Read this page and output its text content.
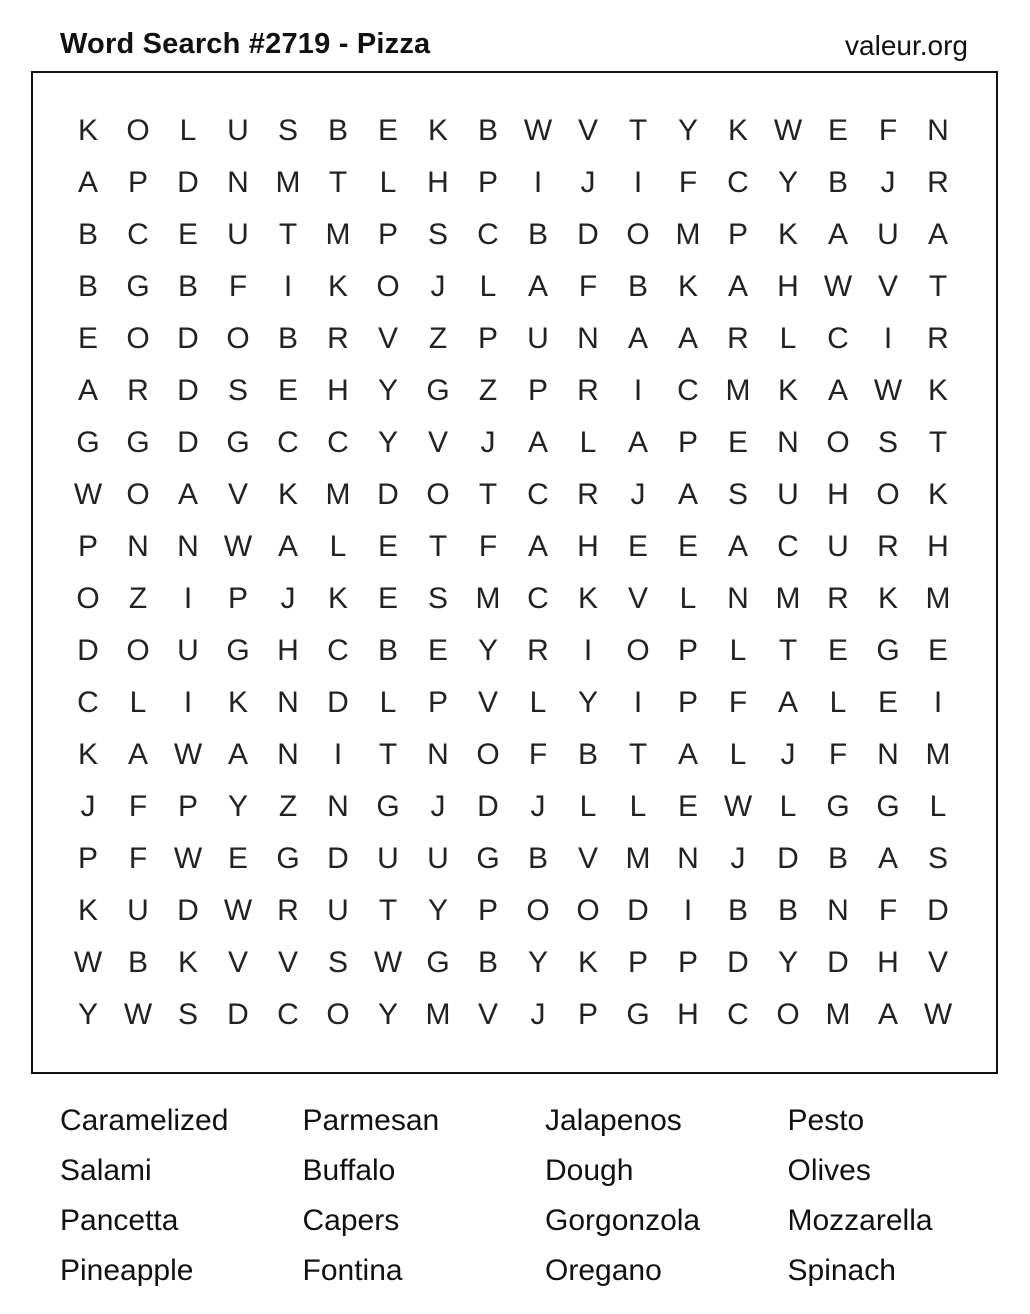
Word Search #2719 - Pizza	valeur.org
K O L	U S B E K B W V	T	Y K W E	F	N
A P D N M T	L	H P	I	J	I	F	C Y B	J	R
B C E U	T M P S C B D O M P K A U A
B G B	F	I	K O	J	L	A	F	B K A H W V	T
E O D O B R V	Z	P U N A A R	L	C	I	R
A R D S E H Y G Z	P R	I	C M K A W K
G G D G C C Y V	J	A	L	A P E N O S	T
W O A V K M D O T	C R	J	A S U H O K
P N N W A	L	E	T	F	A H E E A C U R H
O Z	I	P	J	K E S M C K V	L	N M R K M
D O U G H C B E Y R	I	O P	L	T	E G E
C	L	I	K N D	L	P V	L	Y	I	P	F	A	L	E	I
K A W A N	I	T	N O F	B	T	A	L	J	F	N M
J	F	P Y	Z	N G	J	D	J	L	L	E W L G G L
P	F W E G D U U G B V M N	J	D B A S
K U D W R U	T	Y P O O D	I	B B N	F	D
W B K V V S W G B Y K P P D Y D H V
Y W S D C O Y M V	J	P G H C O M A W
Caramelized	Parmesan	Jalapenos	Pesto
Salami	Buffalo	Dough	Olives
Pancetta	Capers	Gorgonzola	Mozzarella
Pineapple	Fontina	Oregano	Spinach
